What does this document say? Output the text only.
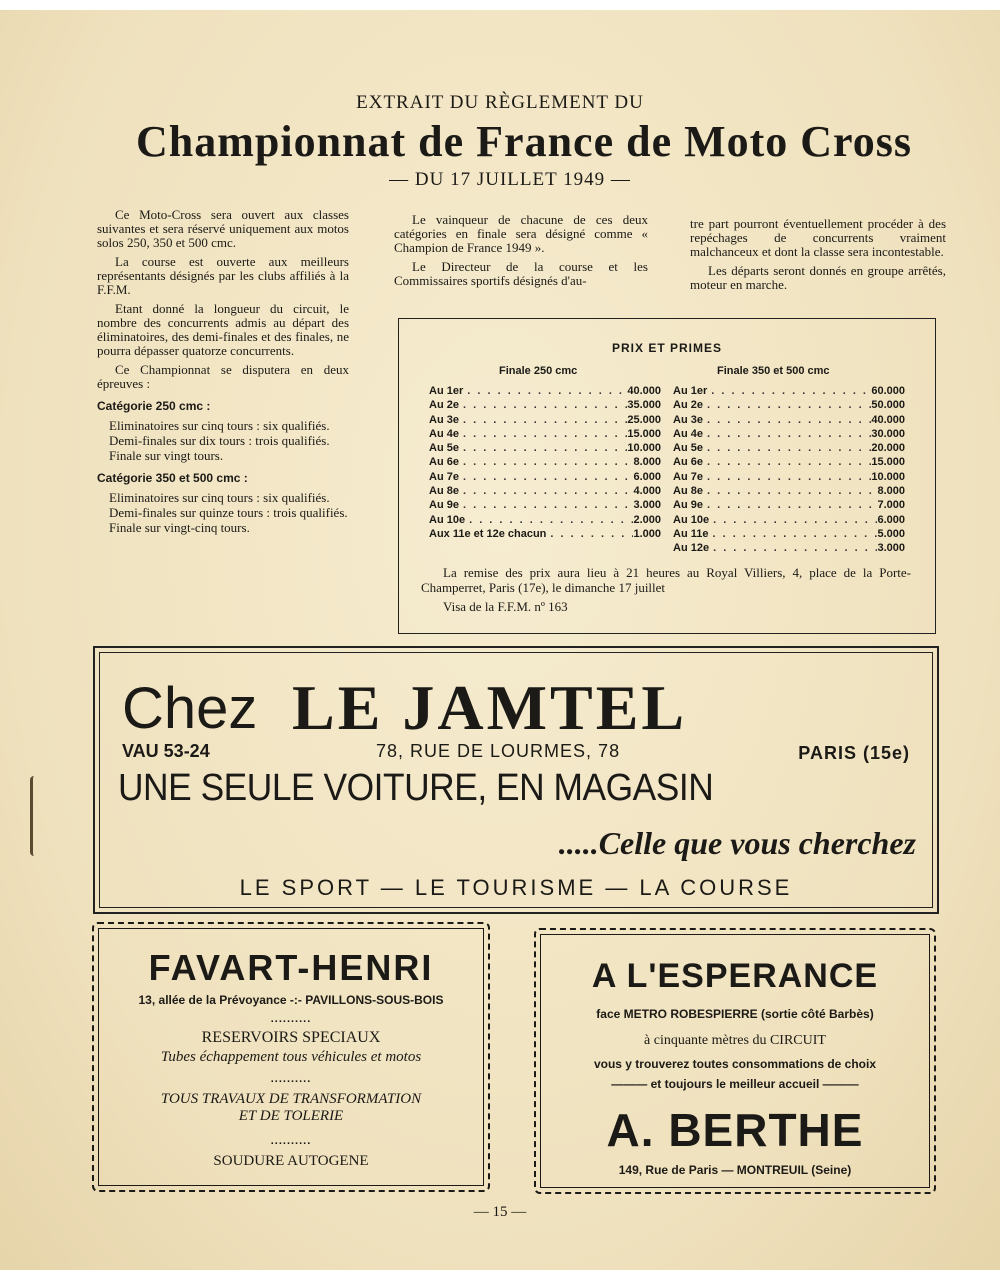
EXTRAIT DU RÈGLEMENT DU
Championnat de France de Moto Cross
— DU 17 JUILLET 1949 —

Ce Moto-Cross sera ouvert aux classes suivantes et sera réservé uniquement aux motos solos 250, 350 et 500 cmc.

La course est ouverte aux meilleurs représentants désignés par les clubs affiliés à la F.F.M.

Etant donné la longueur du circuit, le nombre des concurrents admis au départ des éliminatoires, des demi-finales et des finales, ne pourra dépasser quatorze concurrents.

Ce Championnat se disputera en deux épreuves :

Catégorie 250 cmc :

Eliminatoires sur cinq tours : six qualifiés.

Demi-finales sur dix tours : trois qualifiés.

Finale sur vingt tours.

Catégorie 350 et 500 cmc :

Eliminatoires sur cinq tours : six qualifiés.

Demi-finales sur quinze tours : trois qualifiés.

Finale sur vingt-cinq tours.

Le vainqueur de chacune de ces deux catégories en finale sera désigné comme « Champion de France 1949 ».

Le Directeur de la course et les Commissaires sportifs désignés d'au-

tre part pourront éventuellement procéder à des repéchages de concurrents vraiment malchanceux et dont la classe sera incontestable.

Les départs seront donnés en groupe arrêtés, moteur en marche.

PRIX ET PRIMES
Finale 250 cmc	Finale 350 et 500 cmc
Au 1er . . .	40.000
Au 2e . . .	35.000
Au 3e . . .	25.000
Au 4e . . .	15.000
Au 5e . . .	10.000
Au 6e . . .	8.000
Au 7e . . .	6.000
Au 8e . . .	4.000
Au 9e . . .	3.000
Au 10e . . .	2.000
Aux 11e et 12e chacun . . .	1.000
Au 1er . . .	60.000
Au 2e . . .	50.000
Au 3e . . .	40.000
Au 4e . . .	30.000
Au 5e . . .	20.000
Au 6e . . .	15.000
Au 7e . . .	10.000
Au 8e . . .	8.000
Au 9e . . .	7.000
Au 10e . . .	6.000
Au 11e . . .	5.000
Au 12e . . .	3.000
La remise des prix aura lieu à 21 heures au Royal Villiers, 4, place de la Porte-Champerret, Paris (17e), le dimanche 17 juillet
Visa de la F.F.M. nº 163
Chez LE JAMTEL
VAU 53-24	78, RUE DE LOURMES, 78	PARIS (15e)
UNE SEULE VOITURE, EN MAGASIN
.....Celle que vous cherchez
LE SPORT — LE TOURISME — LA COURSE
FAVART-HENRI
13, allée de la Prévoyance -:- PAVILLONS-SOUS-BOIS
..........
RESERVOIRS SPECIAUX
Tubes échappement tous véhicules et motos
..........
TOUS TRAVAUX DE TRANSFORMATION
ET DE TOLERIE
..........
SOUDURE AUTOGENE
A L'ESPERANCE
face METRO ROBESPIERRE (sortie côté Barbès)
à cinquante mètres du CIRCUIT
vous y trouverez toutes consommations de choix
——— et toujours le meilleur accueil ———
A. BERTHE
149, Rue de Paris — MONTREUIL (Seine)
— 15 —
